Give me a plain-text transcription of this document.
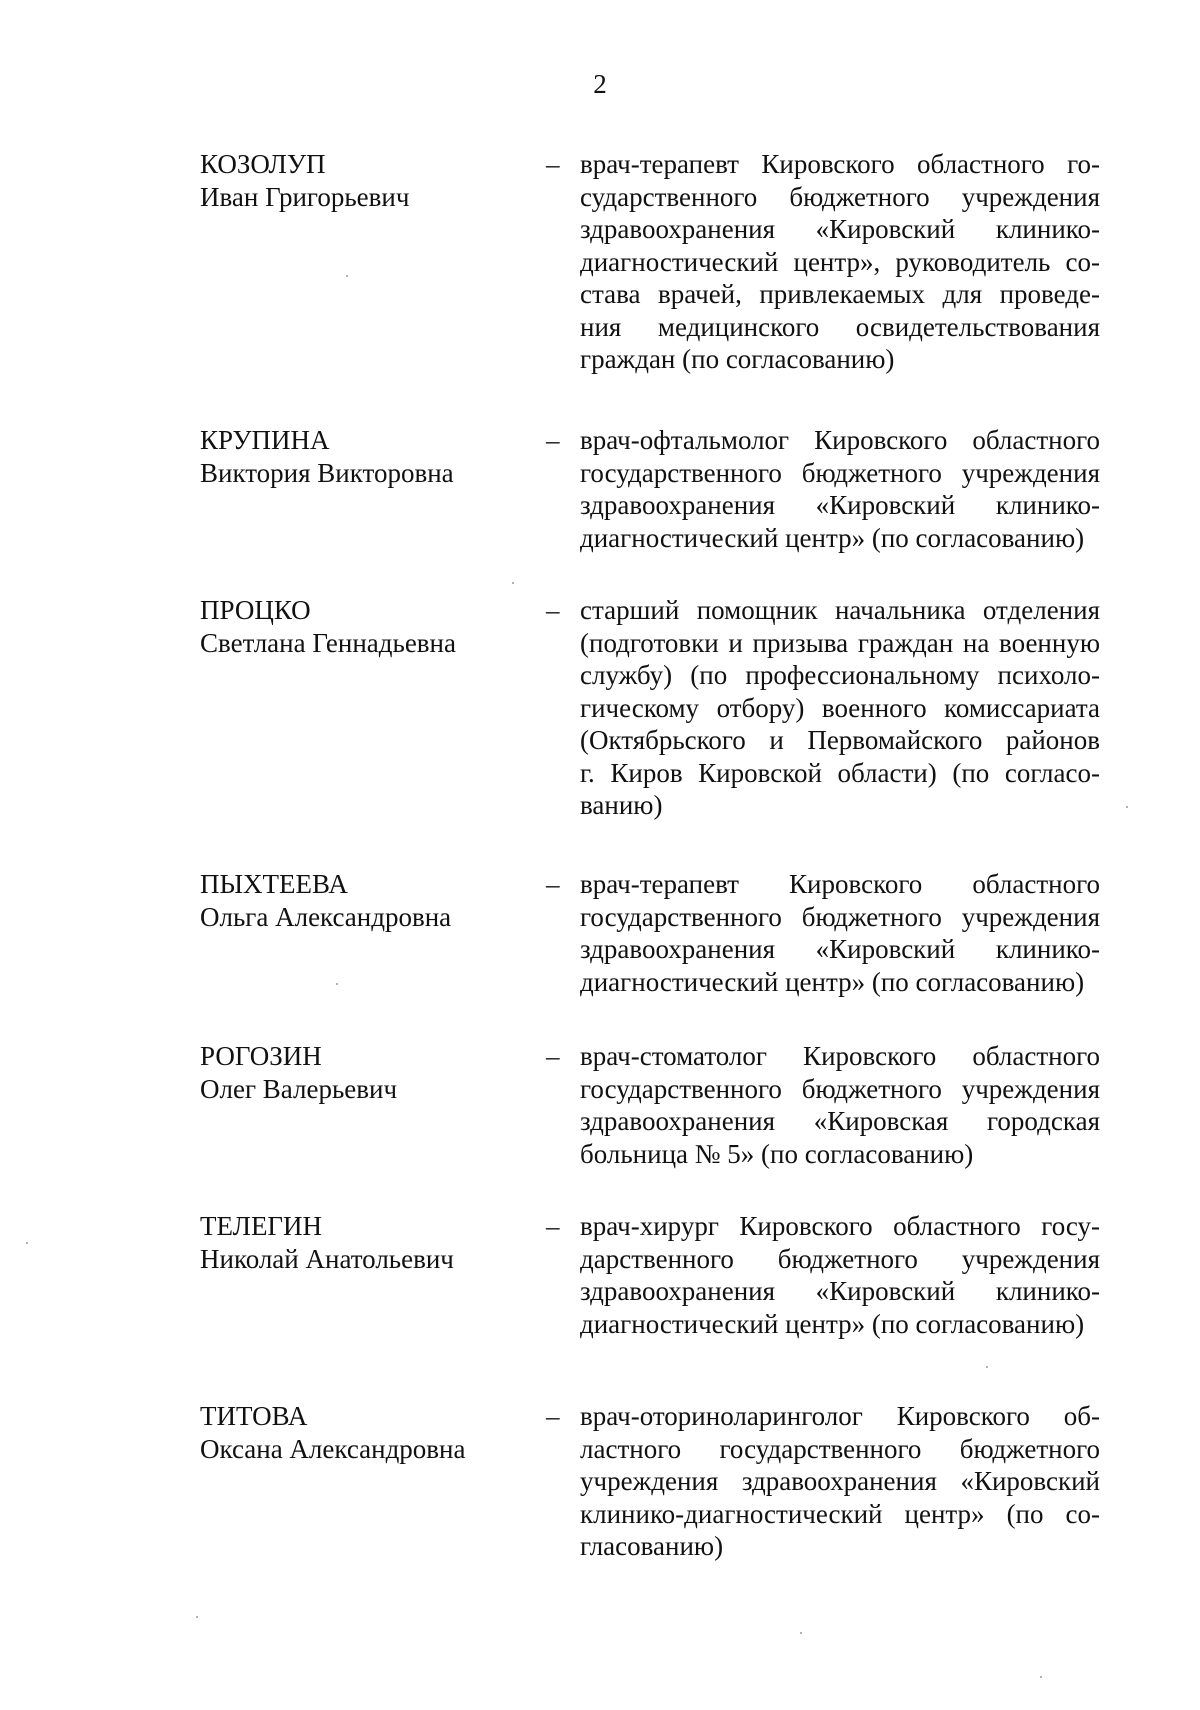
2
КОЗОЛУП
Иван Григорьевич
– врач-терапевт Кировского областного го-
сударственного бюджетного учреждения
здравоохранения «Кировский клинико-
диагностический центр», руководитель со-
става врачей, привлекаемых для проведе-
ния медицинского освидетельствования
граждан (по согласованию)
КРУПИНА
Виктория Викторовна
– врач-офтальмолог Кировского областного
государственного бюджетного учреждения
здравоохранения «Кировский клинико-
диагностический центр» (по согласованию)
ПРОЦКО
Светлана Геннадьевна
– старший помощник начальника отделения
(подготовки и призыва граждан на военную
службу) (по профессиональному психоло-
гическому отбору) военного комиссариата
(Октябрьского и Первомайского районов
г. Киров Кировской области) (по согласо-
ванию)
ПЫХТЕЕВА
Ольга Александровна
– врач-терапевт Кировского областного
государственного бюджетного учреждения
здравоохранения «Кировский клинико-
диагностический центр» (по согласованию)
РОГОЗИН
Олег Валерьевич
– врач-стоматолог Кировского областного
государственного бюджетного учреждения
здравоохранения «Кировская городская
больница № 5» (по согласованию)
ТЕЛЕГИН
Николай Анатольевич
– врач-хирург Кировского областного госу-
дарственного бюджетного учреждения
здравоохранения «Кировский клинико-
диагностический центр» (по согласованию)
ТИТОВА
Оксана Александровна
– врач-оториноларинголог Кировского об-
ластного государственного бюджетного
учреждения здравоохранения «Кировский
клинико-диагностический центр» (по со-
гласованию)
